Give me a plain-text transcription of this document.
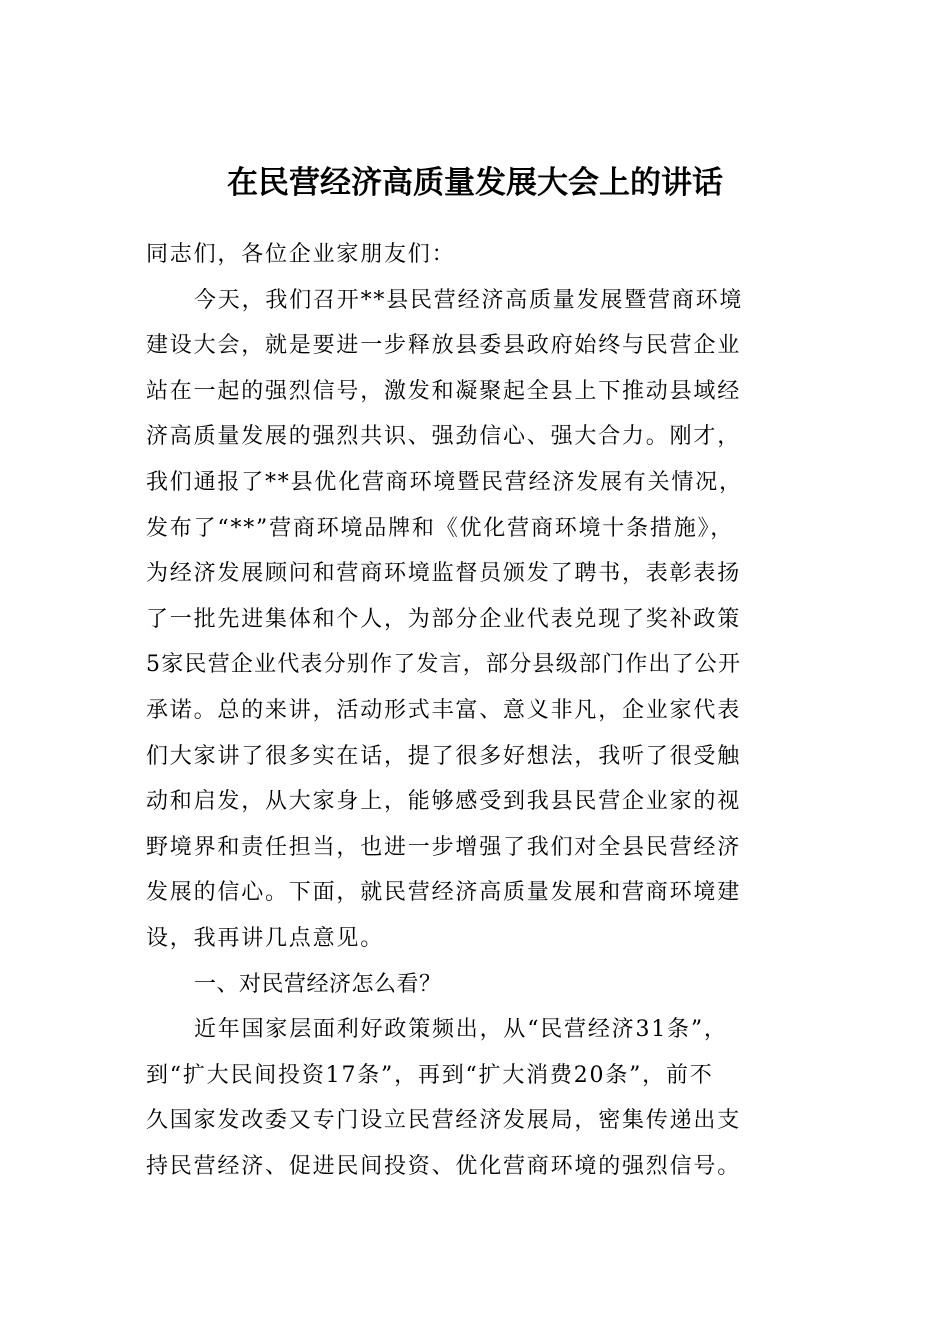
在民营经济高质量发展大会上的讲话
同志们，各位企业家朋友们：
今天，我们召开**县民营经济高质量发展暨营商环境
建设大会，就是要进一步释放县委县政府始终与民营企业
站在一起的强烈信号，激发和凝聚起全县上下推动县域经
济高质量发展的强烈共识、强劲信心、强大合力。刚才，
我们通报了**县优化营商环境暨民营经济发展有关情况，
发布了“**”营商环境品牌和《优化营商环境十条措施》，
为经济发展顾问和营商环境监督员颁发了聘书，表彰表扬
了一批先进集体和个人，为部分企业代表兑现了奖补政策
5家民营企业代表分别作了发言，部分县级部门作出了公开
承诺。总的来讲，活动形式丰富、意义非凡，企业家代表
们大家讲了很多实在话，提了很多好想法，我听了很受触
动和启发，从大家身上，能够感受到我县民营企业家的视
野境界和责任担当，也进一步增强了我们对全县民营经济
发展的信心。下面，就民营经济高质量发展和营商环境建
设，我再讲几点意见。
一、对民营经济怎么看？
近年国家层面利好政策频出，从“民营经济31条”，
到“扩大民间投资17条”，再到“扩大消费20条”，前不
久国家发改委又专门设立民营经济发展局，密集传递出支
持民营经济、促进民间投资、优化营商环境的强烈信号。
